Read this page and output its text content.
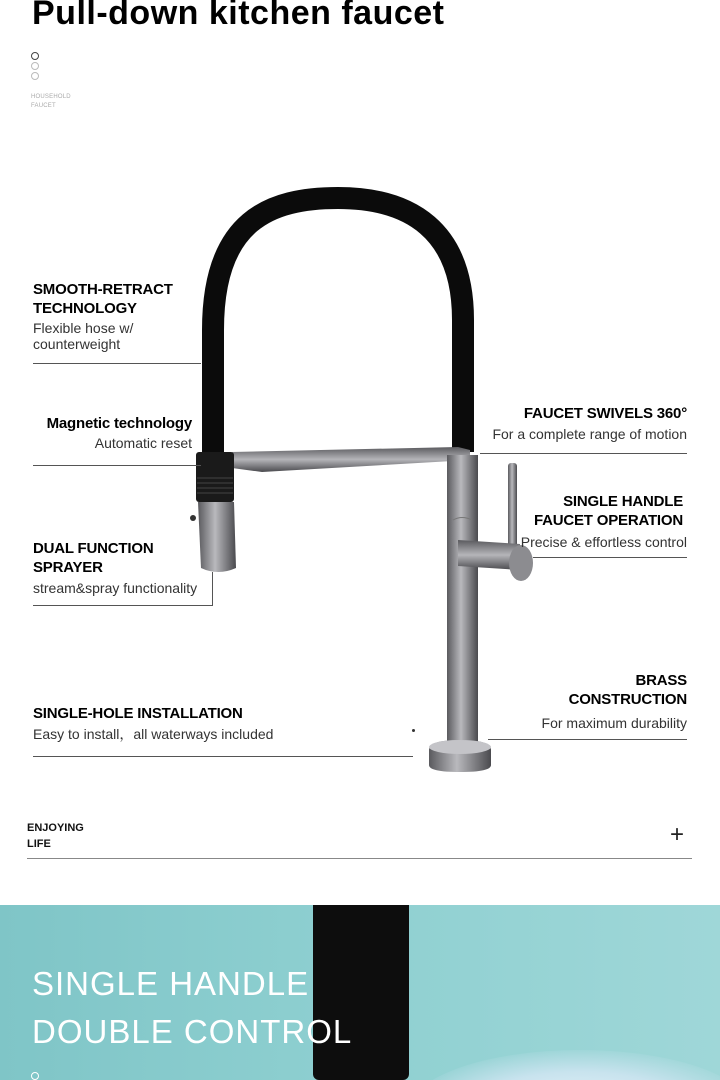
Pull-down kitchen faucet
HOUSEHOLD
FAUCET
SMOOTH-RETRACT
TECHNOLOGY
Flexible hose w/
counterweight
Magnetic technology
Automatic reset
DUAL FUNCTION
SPRAYER
stream&spray functionality
SINGLE-HOLE INSTALLATION
Easy to install，all waterways included
FAUCET SWIVELS 360°
For a complete range of motion
SINGLE HANDLE
FAUCET OPERATION
Precise & effortless control
BRASS
CONSTRUCTION
For maximum durability
ENJOYING
LIFE	+
SINGLE HANDLE
DOUBLE CONTROL
